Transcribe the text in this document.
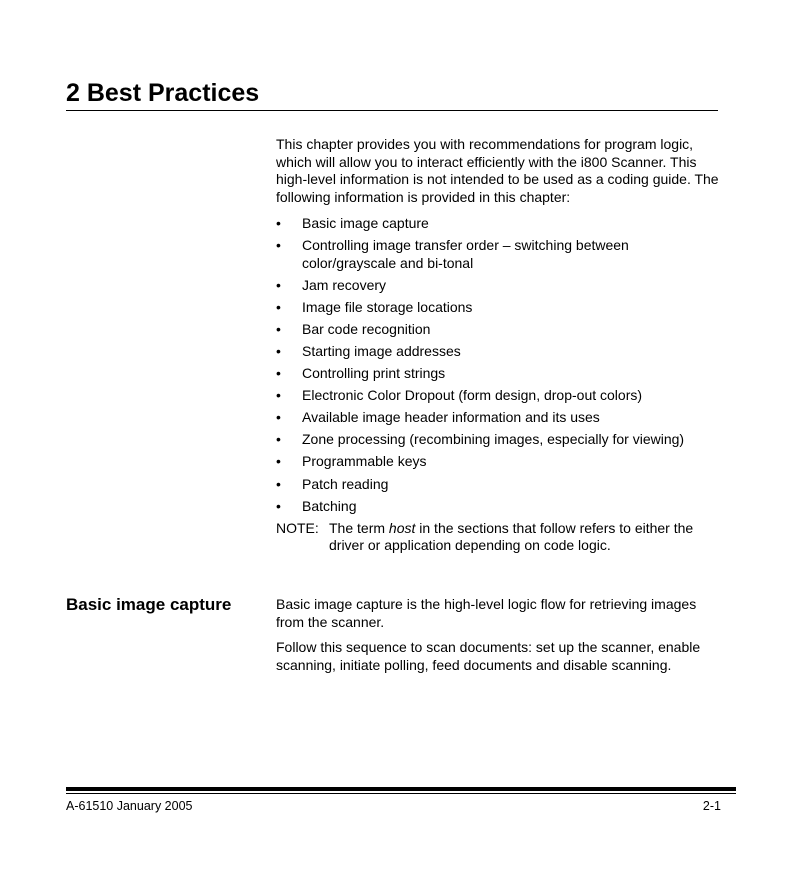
2 Best Practices

This chapter provides you with recommendations for program logic, which will allow you to interact efficiently with the i800 Scanner. This high-level information is not intended to be used as a coding guide. The following information is provided in this chapter:

• Basic image capture
• Controlling image transfer order – switching between color/grayscale and bi-tonal
• Jam recovery
• Image file storage locations
• Bar code recognition
• Starting image addresses
• Controlling print strings
• Electronic Color Dropout (form design, drop-out colors)
• Available image header information and its uses
• Zone processing (recombining images, especially for viewing)
• Programmable keys
• Patch reading
• Batching
NOTE: The term host in the sections that follow refers to either the driver or application depending on code logic.
Basic image capture	Basic image capture is the high-level logic flow for retrieving images from the scanner.

Follow this sequence to scan documents: set up the scanner, enable scanning, initiate polling, feed documents and disable scanning.

A-61510 January 2005	2-1
